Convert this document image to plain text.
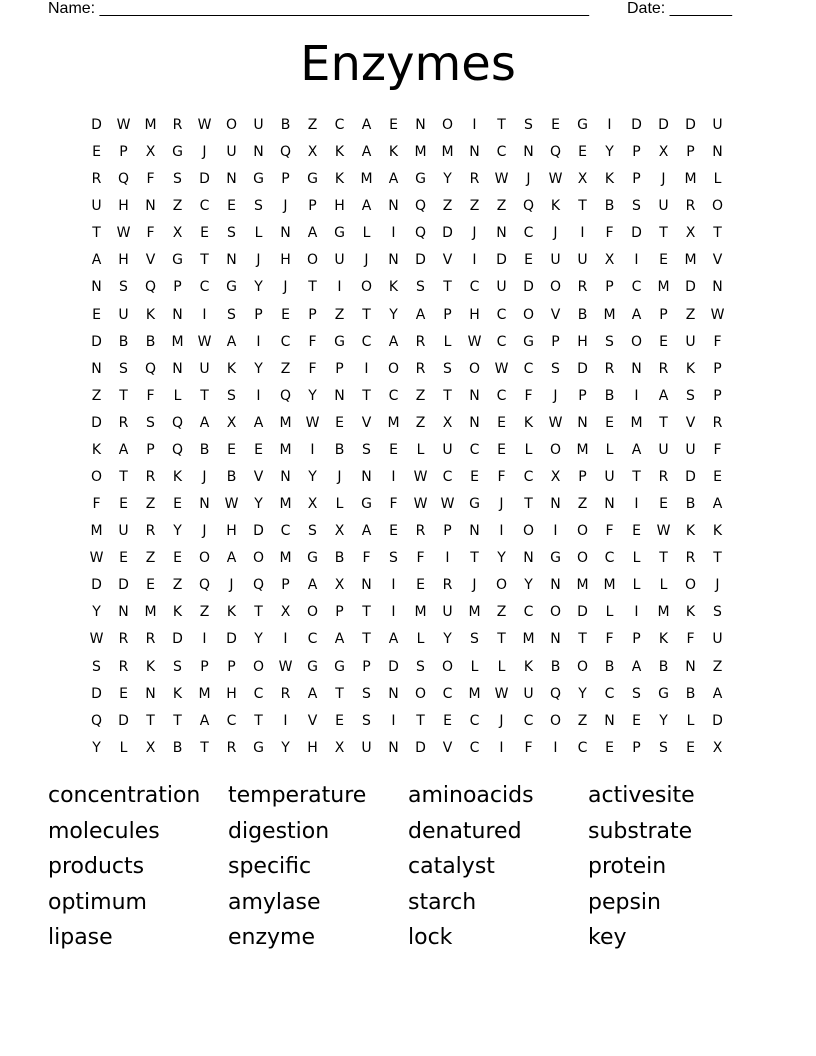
Name: _______________________________________________________ Date: _______
Enzymes
D	W	M	R	W	O	U	B	Z	C	A	E	N	O	I	T	S	E	G	I	D	D	D	U
E	P	X	G	J	U	N	Q	X	K	A	K	M	M	N	C	N	Q	E	Y	P	X	P	N
R	Q	F	S	D	N	G	P	G	K	M	A	G	Y	R	W	J	W	X	K	P	J	M	L
U	H	N	Z	C	E	S	J	P	H	A	N	Q	Z	Z	Z	Q	K	T	B	S	U	R	O
T	W	F	X	E	S	L	N	A	G	L	I	Q	D	J	N	C	J	I	F	D	T	X	T
A	H	V	G	T	N	J	H	O	U	J	N	D	V	I	D	E	U	U	X	I	E	M	V
N	S	Q	P	C	G	Y	J	T	I	O	K	S	T	C	U	D	O	R	P	C	M	D	N
E	U	K	N	I	S	P	E	P	Z	T	Y	A	P	H	C	O	V	B	M	A	P	Z	W
D	B	B	M	W	A	I	C	F	G	C	A	R	L	W	C	G	P	H	S	O	E	U	F
N	S	Q	N	U	K	Y	Z	F	P	I	O	R	S	O	W	C	S	D	R	N	R	K	P
Z	T	F	L	T	S	I	Q	Y	N	T	C	Z	T	N	C	F	J	P	B	I	A	S	P
D	R	S	Q	A	X	A	M	W	E	V	M	Z	X	N	E	K	W	N	E	M	T	V	R
K	A	P	Q	B	E	E	M	I	B	S	E	L	U	C	E	L	O	M	L	A	U	U	F
O	T	R	K	J	B	V	N	Y	J	N	I	W	C	E	F	C	X	P	U	T	R	D	E
F	E	Z	E	N	W	Y	M	X	L	G	F	W W	G	J	T	N	Z	N	I	E	B	A
M	U	R	Y	J	H	D	C	S	X	A	E	R	P	N	I	O	I	O	F	E	W	K	K
W	E	Z	E	O	A	O	M	G	B	F	S	F	I	T	Y	N	G	O	C	L	T	R	T
D	D	E	Z	Q	J	Q	P	A	X	N	I	E	R	J	O	Y	N	M	M	L	L	O	J
Y	N	M	K	Z	K	T	X	O	P	T	I	M	U	M	Z	C	O	D	L	I	M	K	S
W	R	R	D	I	D	Y	I	C	A	T	A	L	Y	S	T	M	N	T	F	P	K	F	U
S	R	K	S	P	P	O	W	G	G	P	D	S	O	L	L	K	B	O	B	A	B	N	Z
D	E	N	K	M	H	C	R	A	T	S	N	O	C	M	W	U	Q	Y	C	S	G	B	A
Q	D	T	T	A	C	T	I	V	E	S	I	T	E	C	J	C	O	Z	N	E	Y	L	D
Y	L	X	B	T	R	G	Y	H	X	U	N	D	V	C	I	F	I	C	E	P	S	E	X
concentration	temperature	aminoacids	activesite
molecules	digestion	denatured	substrate
products	specific	catalyst	protein
optimum	amylase	starch	pepsin
lipase	enzyme	lock	key
